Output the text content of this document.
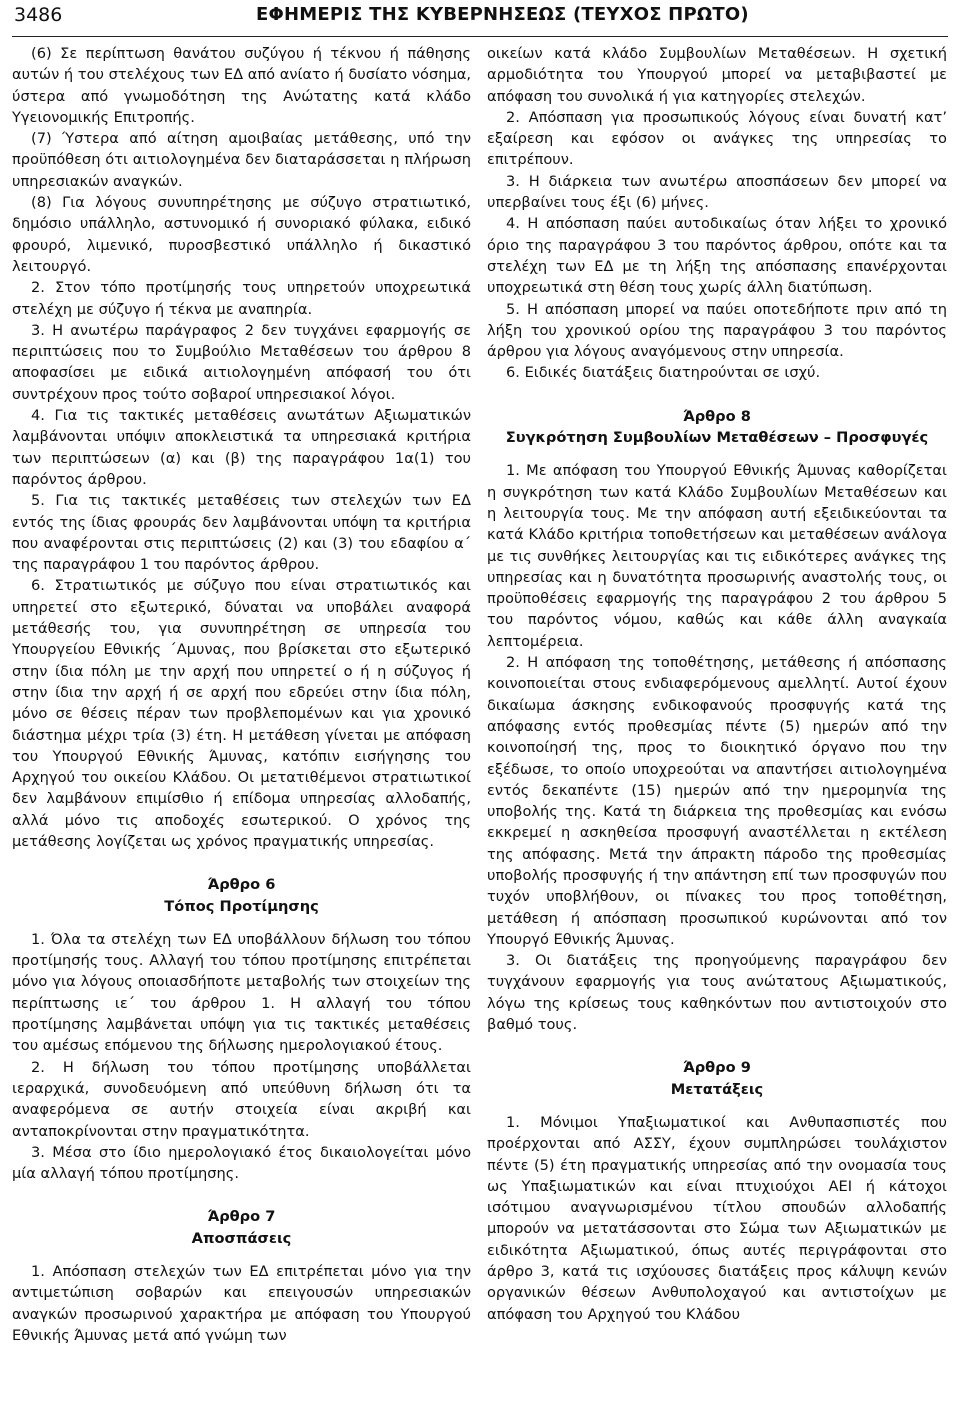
3486	ΕΦΗΜΕΡΙΣ ΤΗΣ ΚΥΒΕΡΝΗΣΕΩΣ (ΤΕΥΧΟΣ ΠΡΩΤΟ)

(6) Σε περίπτωση θανάτου συζύγου ή τέκνου ή πάθησης αυτών ή του στελέχους των ΕΔ από ανίατο ή δυσίατο νόσημα, ύστερα από γνωμοδότηση της Ανώτατης κατά κλάδο Υγειονομικής Επιτροπής.

(7) Ύστερα από αίτηση αμοιβαίας μετάθεσης, υπό την προϋπόθεση ότι αιτιολογημένα δεν διαταράσσεται η πλήρωση υπηρεσιακών αναγκών.

(8) Για λόγους συνυπηρέτησης με σύζυγο στρατιωτικό, δημόσιο υπάλληλο, αστυνομικό ή συνοριακό φύλακα, ειδικό φρουρό, λιμενικό, πυροσβεστικό υπάλληλο ή δικαστικό λειτουργό.

2. Στον τόπο προτίμησής τους υπηρετούν υποχρεωτικά στελέχη με σύζυγο ή τέκνα με αναπηρία.

3. Η ανωτέρω παράγραφος 2 δεν τυγχάνει εφαρμογής σε περιπτώσεις που το Συμβούλιο Μεταθέσεων του άρθρου 8 αποφασίσει με ειδικά αιτιολογημένη απόφασή του ότι συντρέχουν προς τούτο σοβαροί υπηρεσιακοί λόγοι.

4. Για τις τακτικές μεταθέσεις ανωτάτων Αξιωματικών λαμβάνονται υπόψιν αποκλειστικά τα υπηρεσιακά κριτήρια των περιπτώσεων (α) και (β) της παραγράφου 1α(1) του παρόντος άρθρου.

5. Για τις τακτικές μεταθέσεις των στελεχών των ΕΔ εντός της ίδιας φρουράς δεν λαμβάνονται υπόψη τα κριτήρια που αναφέρονται στις περιπτώσεις (2) και (3) του εδαφίου α΄ της παραγράφου 1 του παρόντος άρθρου.

6. Στρατιωτικός με σύζυγο που είναι στρατιωτικός και υπηρετεί στο εξωτερικό, δύναται να υποβάλει αναφορά μετάθεσής του, για συνυπηρέτηση σε υπηρεσία του Υπουργείου Εθνικής ΄Αμυνας, που βρίσκεται στο εξωτερικό στην ίδια πόλη με την αρχή που υπηρετεί ο ή η σύζυγος ή στην ίδια την αρχή ή σε αρχή που εδρεύει στην ίδια πόλη, μόνο σε θέσεις πέραν των προβλεπομένων και για χρονικό διάστημα μέχρι τρία (3) έτη. Η μετάθεση γίνεται με απόφαση του Υπουργού Εθνικής Άμυνας, κατόπιν εισήγησης του Αρχηγού του οικείου Κλάδου. Οι μετατιθέμενοι στρατιωτικοί δεν λαμβάνουν επιμίσθιο ή επίδομα υπηρεσίας αλλοδαπής, αλλά μόνο τις αποδοχές εσωτερικού. Ο χρόνος της μετάθεσης λογίζεται ως χρόνος πραγματικής υπηρεσίας.

Άρθρο 6

Τόπος Προτίμησης

1. Όλα τα στελέχη των ΕΔ υποβάλλουν δήλωση του τόπου προτίμησής τους. Αλλαγή του τόπου προτίμησης επιτρέπεται μόνο για λόγους οποιασδήποτε μεταβολής των στοιχείων της περίπτωσης ιε΄ του άρθρου 1. Η αλλαγή του τόπου προτίμησης λαμβάνεται υπόψη για τις τακτικές μεταθέσεις του αμέσως επόμενου της δήλωσης ημερολογιακού έτους.

2. Η δήλωση του τόπου προτίμησης υποβάλλεται ιεραρχικά, συνοδευόμενη από υπεύθυνη δήλωση ότι τα αναφερόμενα σε αυτήν στοιχεία είναι ακριβή και ανταποκρίνονται στην πραγματικότητα.

3. Μέσα στο ίδιο ημερολογιακό έτος δικαιολογείται μόνο μία αλλαγή τόπου προτίμησης.

Άρθρο 7

Αποσπάσεις

1. Απόσπαση στελεχών των ΕΔ επιτρέπεται μόνο για την αντιμετώπιση σοβαρών και επειγουσών υπηρεσιακών αναγκών προσωρινού χαρακτήρα με απόφαση του Υπουργού Εθνικής Άμυνας μετά από γνώμη των

οικείων κατά κλάδο Συμβουλίων Μεταθέσεων. Η σχετική αρμοδιότητα του Υπουργού μπορεί να μεταβιβαστεί με απόφαση του συνολικά ή για κατηγορίες στελεχών.

2. Απόσπαση για προσωπικούς λόγους είναι δυνατή κατ’ εξαίρεση και εφόσον οι ανάγκες της υπηρεσίας το επιτρέπουν.

3. Η διάρκεια των ανωτέρω αποσπάσεων δεν μπορεί να υπερβαίνει τους έξι (6) μήνες.

4. Η απόσπαση παύει αυτοδικαίως όταν λήξει το χρονικό όριο της παραγράφου 3 του παρόντος άρθρου, οπότε και τα στελέχη των ΕΔ με τη λήξη της απόσπασης επανέρχονται υποχρεωτικά στη θέση τους χωρίς άλλη διατύπωση.

5. Η απόσπαση μπορεί να παύει οποτεδήποτε πριν από τη λήξη του χρονικού ορίου της παραγράφου 3 του παρόντος άρθρου για λόγους αναγόμενους στην υπηρεσία.

6. Ειδικές διατάξεις διατηρούνται σε ισχύ.

Άρθρο 8

Συγκρότηση Συμβουλίων Μεταθέσεων – Προσφυγές

1. Με απόφαση του Υπουργού Εθνικής Άμυνας καθορίζεται η συγκρότηση των κατά Κλάδο Συμβουλίων Μεταθέσεων και η λειτουργία τους. Με την απόφαση αυτή εξειδικεύονται τα κατά Κλάδο κριτήρια τοποθετήσεων και μεταθέσεων ανάλογα με τις συνθήκες λειτουργίας και τις ειδικότερες ανάγκες της υπηρεσίας και η δυνατότητα προσωρινής αναστολής τους, οι προϋποθέσεις εφαρμογής της παραγράφου 2 του άρθρου 5 του παρόντος νόμου, καθώς και κάθε άλλη αναγκαία λεπτομέρεια.

2. Η απόφαση της τοποθέτησης, μετάθεσης ή απόσπασης κοινοποιείται στους ενδιαφερόμενους αμελλητί. Αυτοί έχουν δικαίωμα άσκησης ενδικοφανούς προσφυγής κατά της απόφασης εντός προθεσμίας πέντε (5) ημερών από την κοινοποίησή της, προς το διοικητικό όργανο που την εξέδωσε, το οποίο υποχρεούται να απαντήσει αιτιολογημένα εντός δεκαπέντε (15) ημερών από την ημερομηνία της υποβολής της. Κατά τη διάρκεια της προθεσμίας και ενόσω εκκρεμεί η ασκηθείσα προσφυγή αναστέλλεται η εκτέλεση της απόφασης. Μετά την άπρακτη πάροδο της προθεσμίας υποβολής προσφυγής ή την απάντηση επί των προσφυγών που τυχόν υποβλήθουν, οι πίνακες του προς τοποθέτηση, μετάθεση ή απόσπαση προσωπικού κυρώνονται από τον Υπουργό Εθνικής Άμυνας.

3. Οι διατάξεις της προηγούμενης παραγράφου δεν τυγχάνουν εφαρμογής για τους ανώτατους Αξιωματικούς, λόγω της κρίσεως τους καθηκόντων που αντιστοιχούν στο βαθμό τους.

Άρθρο 9

Μετατάξεις

1. Μόνιμοι Υπαξιωματικοί και Ανθυπασπιστές που προέρχονται από ΑΣΣΥ, έχουν συμπληρώσει τουλάχιστον πέντε (5) έτη πραγματικής υπηρεσίας από την ονομασία τους ως Υπαξιωματικών και είναι πτυχιούχοι ΑΕΙ ή κάτοχοι ισότιμου αναγνωρισμένου τίτλου σπουδών αλλοδαπής μπορούν να μετατάσσονται στο Σώμα των Αξιωματικών με ειδικότητα Αξιωματικού, όπως αυτές περιγράφονται στο άρθρο 3, κατά τις ισχύουσες διατάξεις προς κάλυψη κενών οργανικών θέσεων Ανθυπολοχαγού και αντιστοίχων με απόφαση του Αρχηγού του Κλάδου
